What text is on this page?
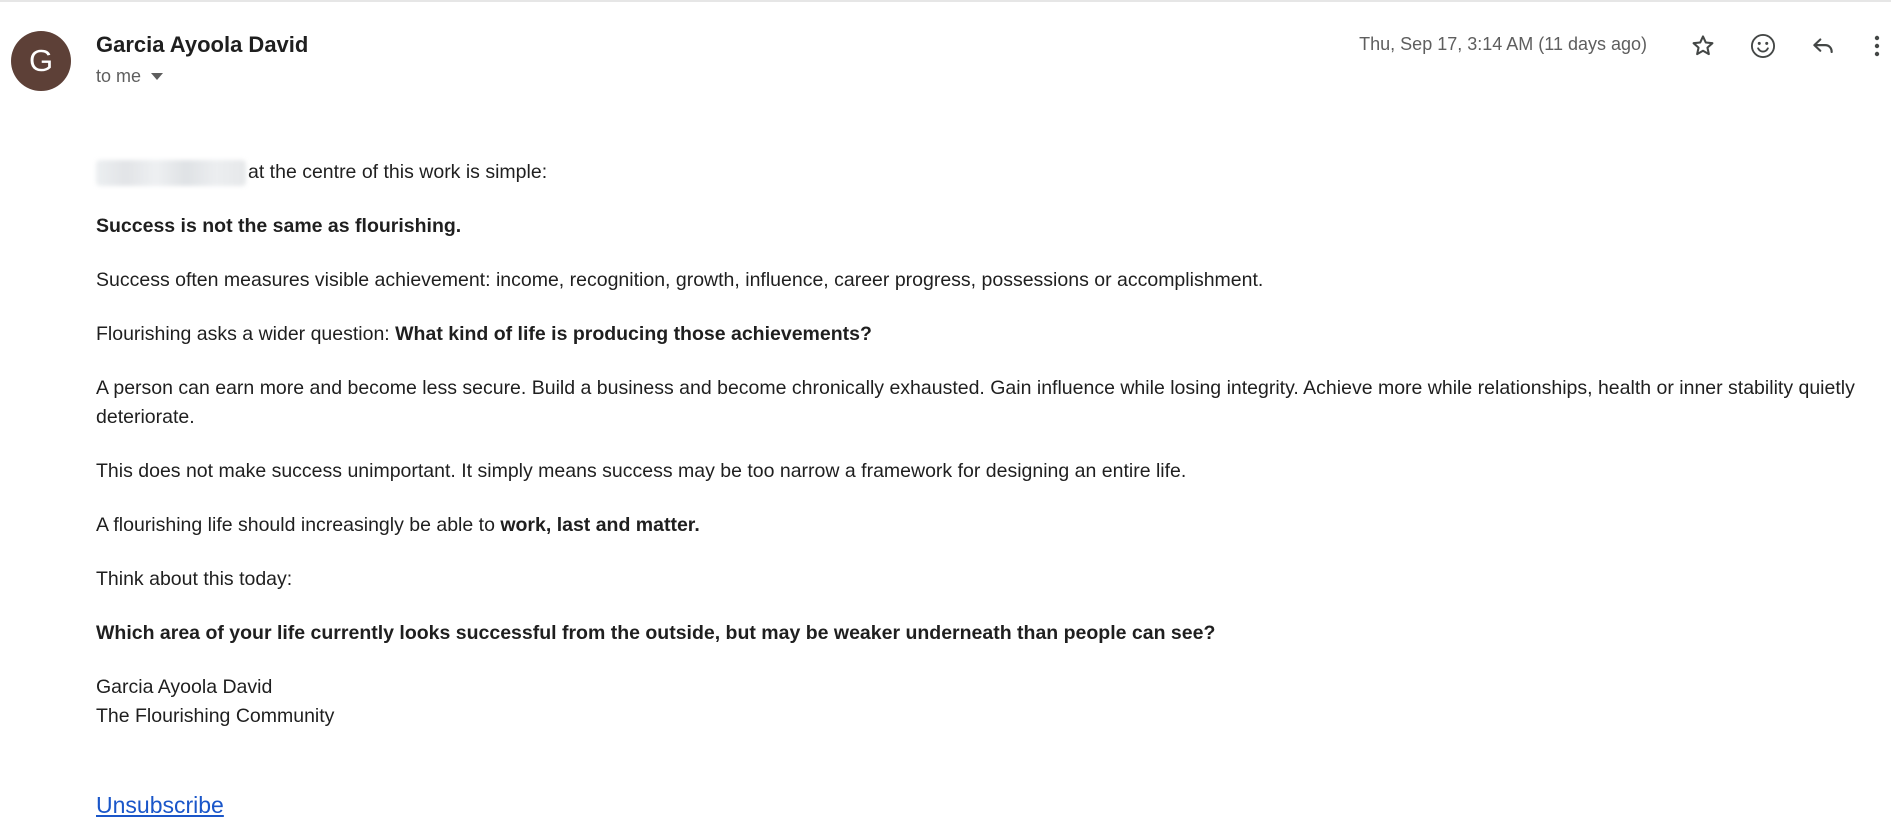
G	Garcia Ayoola David
to me
Thu, Sep 17, 3:14 AM (11 days ago)

at the centre of this work is simple:

Success is not the same as flourishing.

Success often measures visible achievement: income, recognition, growth, influence, career progress, possessions or accomplishment.

Flourishing asks a wider question: What kind of life is producing those achievements?

A person can earn more and become less secure. Build a business and become chronically exhausted. Gain influence while losing integrity. Achieve more while relationships, health or inner stability quietly deteriorate.

This does not make success unimportant. It simply means success may be too narrow a framework for designing an entire life.

A flourishing life should increasingly be able to work, last and matter.

Think about this today:

Which area of your life currently looks successful from the outside, but may be weaker underneath than people can see?

Garcia Ayoola David
The Flourishing Community

Unsubscribe
